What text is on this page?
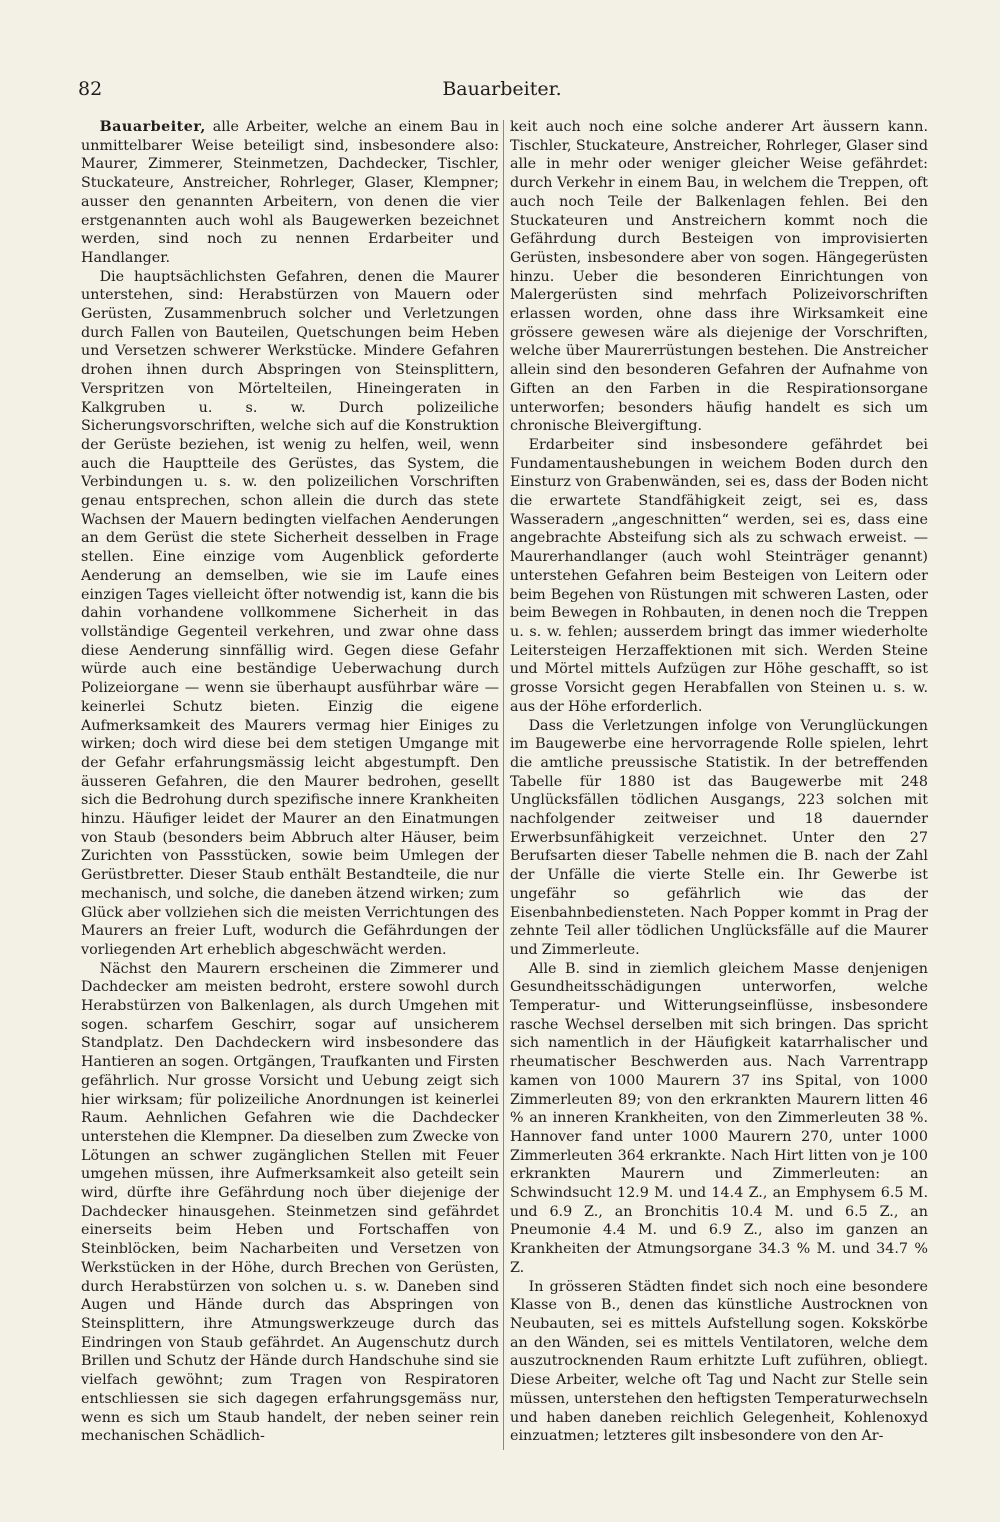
82	Bauarbeiter.

Bauarbeiter, alle Arbeiter, welche an einem Bau in unmittelbarer Weise beteiligt sind, insbesondere also: Maurer, Zimmerer, Steinmetzen, Dachdecker, Tischler, Stuckateure, Anstreicher, Rohrleger, Glaser, Klempner; ausser den genannten Arbeitern, von denen die vier erstgenannten auch wohl als Baugewerken bezeichnet werden, sind noch zu nennen Erdarbeiter und Handlanger.

Die hauptsächlichsten Gefahren, denen die Maurer unterstehen, sind: Herabstürzen von Mauern oder Gerüsten, Zusammenbruch solcher und Verletzungen durch Fallen von Bauteilen, Quetschungen beim Heben und Versetzen schwerer Werkstücke. Mindere Gefahren drohen ihnen durch Abspringen von Steinsplittern, Verspritzen von Mörtelteilen, Hineingeraten in Kalkgruben u. s. w. Durch polizeiliche Sicherungsvorschriften, welche sich auf die Konstruktion der Gerüste beziehen, ist wenig zu helfen, weil, wenn auch die Hauptteile des Gerüstes, das System, die Verbindungen u. s. w. den polizeilichen Vorschriften genau entsprechen, schon allein die durch das stete Wachsen der Mauern bedingten vielfachen Aenderungen an dem Gerüst die stete Sicherheit desselben in Frage stellen. Eine einzige vom Augenblick geforderte Aenderung an demselben, wie sie im Laufe eines einzigen Tages vielleicht öfter notwendig ist, kann die bis dahin vorhandene vollkommene Sicherheit in das vollständige Gegenteil verkehren, und zwar ohne dass diese Aenderung sinnfällig wird. Gegen diese Gefahr würde auch eine beständige Ueberwachung durch Polizeiorgane — wenn sie überhaupt ausführbar wäre — keinerlei Schutz bieten. Einzig die eigene Aufmerksamkeit des Maurers vermag hier Einiges zu wirken; doch wird diese bei dem stetigen Umgange mit der Gefahr erfahrungsmässig leicht abgestumpft. Den äusseren Gefahren, die den Maurer bedrohen, gesellt sich die Bedrohung durch spezifische innere Krankheiten hinzu. Häufiger leidet der Maurer an den Einatmungen von Staub (besonders beim Abbruch alter Häuser, beim Zurichten von Passstücken, sowie beim Umlegen der Gerüstbretter. Dieser Staub enthält Bestandteile, die nur mechanisch, und solche, die daneben ätzend wirken; zum Glück aber vollziehen sich die meisten Verrichtungen des Maurers an freier Luft, wodurch die Gefährdungen der vorliegenden Art erheblich abgeschwächt werden.

Nächst den Maurern erscheinen die Zimmerer und Dachdecker am meisten bedroht, erstere sowohl durch Herabstürzen von Balkenlagen, als durch Umgehen mit sogen. scharfem Geschirr, sogar auf unsicherem Standplatz. Den Dachdeckern wird insbesondere das Hantieren an sogen. Ortgängen, Traufkanten und Firsten gefährlich. Nur grosse Vorsicht und Uebung zeigt sich hier wirksam; für polizeiliche Anordnungen ist keinerlei Raum. Aehnlichen Gefahren wie die Dachdecker unterstehen die Klempner. Da dieselben zum Zwecke von Lötungen an schwer zugänglichen Stellen mit Feuer umgehen müssen, ihre Aufmerksamkeit also geteilt sein wird, dürfte ihre Gefährdung noch über diejenige der Dachdecker hinausgehen. Steinmetzen sind gefährdet einerseits beim Heben und Fortschaffen von Steinblöcken, beim Nacharbeiten und Versetzen von Werkstücken in der Höhe, durch Brechen von Gerüsten, durch Herabstürzen von solchen u. s. w. Daneben sind Augen und Hände durch das Abspringen von Steinsplittern, ihre Atmungswerkzeuge durch das Eindringen von Staub gefährdet. An Augenschutz durch Brillen und Schutz der Hände durch Handschuhe sind sie vielfach gewöhnt; zum Tragen von Respiratoren entschliessen sie sich dagegen erfahrungsgemäss nur, wenn es sich um Staub handelt, der neben seiner rein mechanischen Schädlich-

keit auch noch eine solche anderer Art äussern kann. Tischler, Stuckateure, Anstreicher, Rohrleger, Glaser sind alle in mehr oder weniger gleicher Weise gefährdet: durch Verkehr in einem Bau, in welchem die Treppen, oft auch noch Teile der Balkenlagen fehlen. Bei den Stuckateuren und Anstreichern kommt noch die Gefährdung durch Besteigen von improvisierten Gerüsten, insbesondere aber von sogen. Hängegerüsten hinzu. Ueber die besonderen Einrichtungen von Malergerüsten sind mehrfach Polizeivorschriften erlassen worden, ohne dass ihre Wirksamkeit eine grössere gewesen wäre als diejenige der Vorschriften, welche über Maurerrüstungen bestehen. Die Anstreicher allein sind den besonderen Gefahren der Aufnahme von Giften an den Farben in die Respirationsorgane unterworfen; besonders häufig handelt es sich um chronische Bleivergiftung.

Erdarbeiter sind insbesondere gefährdet bei Fundamentaushebungen in weichem Boden durch den Einsturz von Grabenwänden, sei es, dass der Boden nicht die erwartete Standfähigkeit zeigt, sei es, dass Wasseradern „angeschnitten“ werden, sei es, dass eine angebrachte Absteifung sich als zu schwach erweist. — Maurerhandlanger (auch wohl Steinträger genannt) unterstehen Gefahren beim Besteigen von Leitern oder beim Begehen von Rüstungen mit schweren Lasten, oder beim Bewegen in Rohbauten, in denen noch die Treppen u. s. w. fehlen; ausserdem bringt das immer wiederholte Leitersteigen Herzaffektionen mit sich. Werden Steine und Mörtel mittels Aufzügen zur Höhe geschafft, so ist grosse Vorsicht gegen Herabfallen von Steinen u. s. w. aus der Höhe erforderlich.

Dass die Verletzungen infolge von Verunglückungen im Baugewerbe eine hervorragende Rolle spielen, lehrt die amtliche preussische Statistik. In der betreffenden Tabelle für 1880 ist das Baugewerbe mit 248 Unglücksfällen tödlichen Ausgangs, 223 solchen mit nachfolgender zeitweiser und 18 dauernder Erwerbsunfähigkeit verzeichnet. Unter den 27 Berufsarten dieser Tabelle nehmen die B. nach der Zahl der Unfälle die vierte Stelle ein. Ihr Gewerbe ist ungefähr so gefährlich wie das der Eisenbahnbediensteten. Nach Popper kommt in Prag der zehnte Teil aller tödlichen Unglücksfälle auf die Maurer und Zimmerleute.

Alle B. sind in ziemlich gleichem Masse denjenigen Gesundheitsschädigungen unterworfen, welche Temperatur- und Witterungseinflüsse, insbesondere rasche Wechsel derselben mit sich bringen. Das spricht sich namentlich in der Häufigkeit katarrhalischer und rheumatischer Beschwerden aus. Nach Varrentrapp kamen von 1000 Maurern 37 ins Spital, von 1000 Zimmerleuten 89; von den erkrankten Maurern litten 46 % an inneren Krankheiten, von den Zimmerleuten 38 %. Hannover fand unter 1000 Maurern 270, unter 1000 Zimmerleuten 364 erkrankte. Nach Hirt litten von je 100 erkrankten Maurern und Zimmerleuten: an Schwindsucht 12.9 M. und 14.4 Z., an Emphysem 6.5 M. und 6.9 Z., an Bronchitis 10.4 M. und 6.5 Z., an Pneumonie 4.4 M. und 6.9 Z., also im ganzen an Krankheiten der Atmungsorgane 34.3 % M. und 34.7 % Z.

In grösseren Städten findet sich noch eine besondere Klasse von B., denen das künstliche Austrocknen von Neubauten, sei es mittels Aufstellung sogen. Kokskörbe an den Wänden, sei es mittels Ventilatoren, welche dem auszutrocknenden Raum erhitzte Luft zuführen, obliegt. Diese Arbeiter, welche oft Tag und Nacht zur Stelle sein müssen, unterstehen den heftigsten Temperaturwechseln und haben daneben reichlich Gelegenheit, Kohlenoxyd einzuatmen; letzteres gilt insbesondere von den Ar-
